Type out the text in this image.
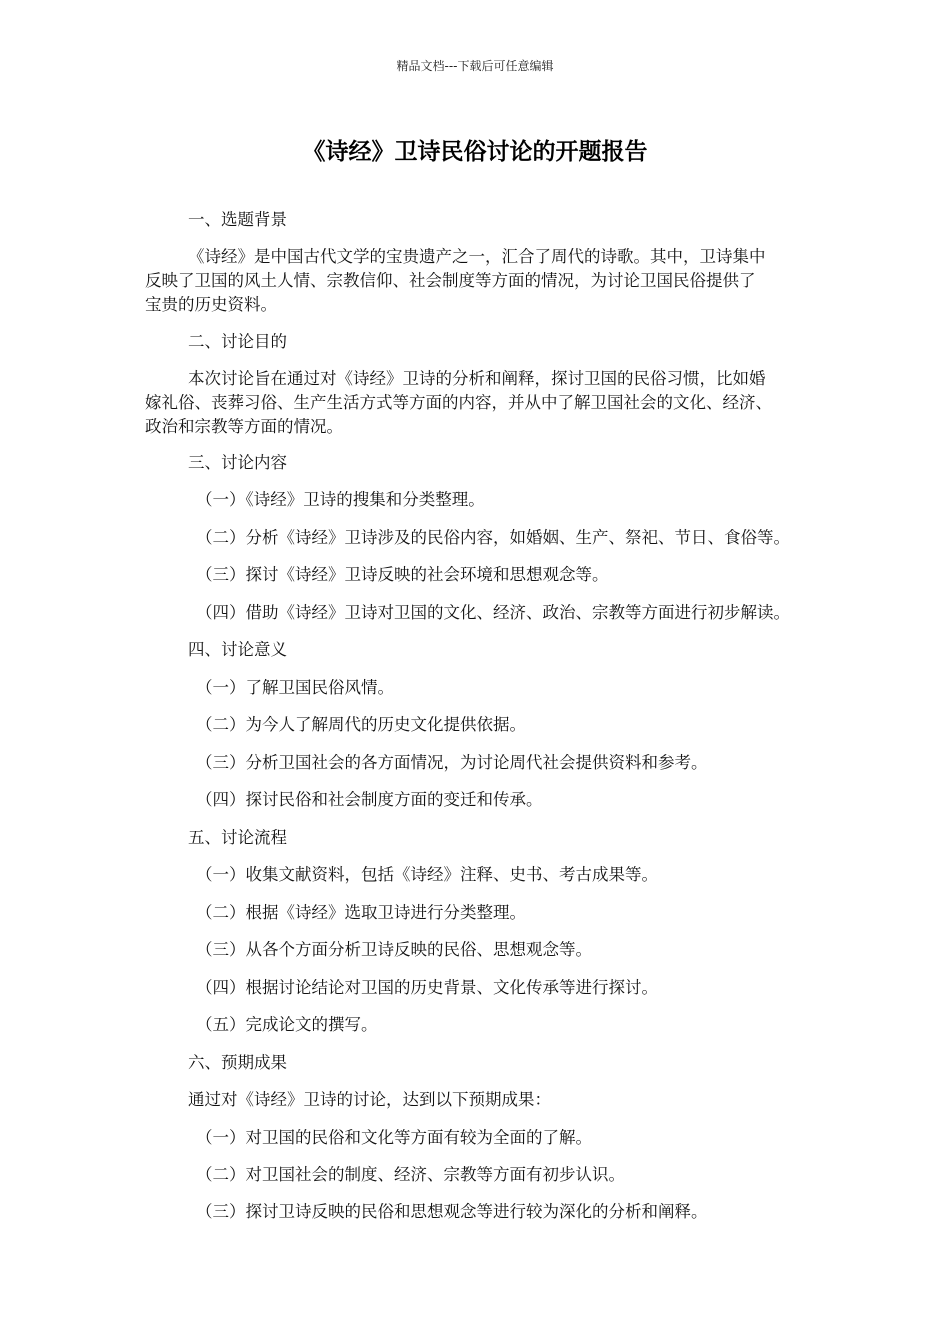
精品文档---下载后可任意编辑
《诗经》卫诗民俗讨论的开题报告
一、选题背景
《诗经》是中国古代文学的宝贵遗产之一，汇合了周代的诗歌。其中，卫诗集中
反映了卫国的风土人情、宗教信仰、社会制度等方面的情况，为讨论卫国民俗提供了
宝贵的历史资料。
二、讨论目的
本次讨论旨在通过对《诗经》卫诗的分析和阐释，探讨卫国的民俗习惯，比如婚
嫁礼俗、丧葬习俗、生产生活方式等方面的内容，并从中了解卫国社会的文化、经济、
政治和宗教等方面的情况。
三、讨论内容
（一）《诗经》卫诗的搜集和分类整理。
（二）分析《诗经》卫诗涉及的民俗内容，如婚姻、生产、祭祀、节日、食俗等。
（三）探讨《诗经》卫诗反映的社会环境和思想观念等。
（四）借助《诗经》卫诗对卫国的文化、经济、政治、宗教等方面进行初步解读。
四、讨论意义
（一）了解卫国民俗风情。
（二）为今人了解周代的历史文化提供依据。
（三）分析卫国社会的各方面情况，为讨论周代社会提供资料和参考。
（四）探讨民俗和社会制度方面的变迁和传承。
五、讨论流程
（一）收集文献资料，包括《诗经》注释、史书、考古成果等。
（二）根据《诗经》选取卫诗进行分类整理。
（三）从各个方面分析卫诗反映的民俗、思想观念等。
（四）根据讨论结论对卫国的历史背景、文化传承等进行探讨。
（五）完成论文的撰写。
六、预期成果
通过对《诗经》卫诗的讨论，达到以下预期成果：
（一）对卫国的民俗和文化等方面有较为全面的了解。
（二）对卫国社会的制度、经济、宗教等方面有初步认识。
（三）探讨卫诗反映的民俗和思想观念等进行较为深化的分析和阐释。
